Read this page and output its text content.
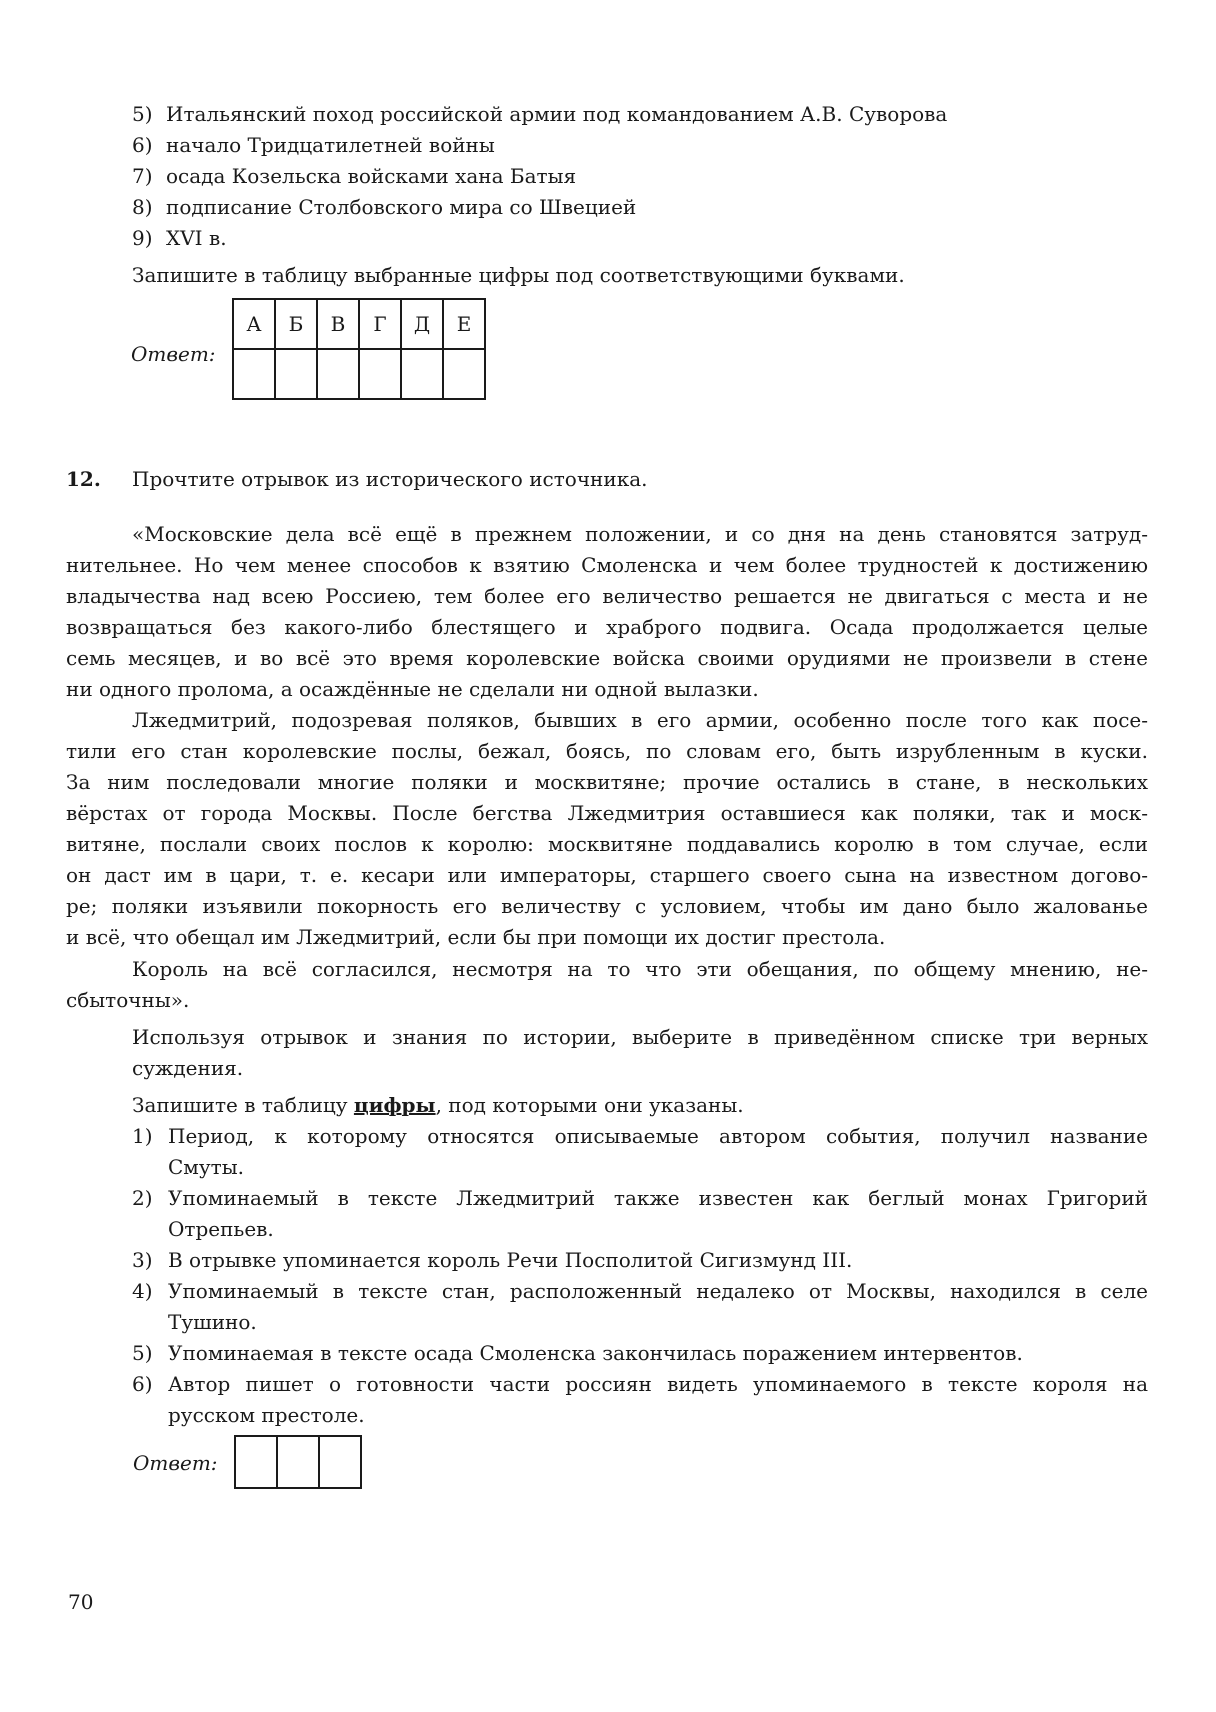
5) Итальянский поход российской армии под командованием А.В. Суворова
6) начало Тридцатилетней войны
7) осада Козельска войсками хана Батыя
8) подписание Столбовского мира со Швецией
9) XVI в.
Запишите в таблицу выбранные цифры под соответствующими буквами.
Ответ:
А	Б	В	Г	Д	Е

12. Прочтите отрывок из исторического источника.
«Московские дела всё ещё в прежнем положении, и со дня на день становятся затруд-
нительнее. Но чем менее способов к взятию Смоленска и чем более трудностей к достижению
владычества над всею Россиею, тем более его величество решается не двигаться с места и не
возвращаться без какого-либо блестящего и храброго подвига. Осада продолжается целые
семь месяцев, и во всё это время королевские войска своими орудиями не произвели в стене
ни одного пролома, а осаждённые не сделали ни одной вылазки.
Лжедмитрий, подозревая поляков, бывших в его армии, особенно после того как посе-
тили его стан королевские послы, бежал, боясь, по словам его, быть изрубленным в куски.
За ним последовали многие поляки и москвитяне; прочие остались в стане, в нескольких
вёрстах от города Москвы. После бегства Лжедмитрия оставшиеся как поляки, так и моск-
витяне, послали своих послов к королю: москвитяне поддавались королю в том случае, если
он даст им в цари, т. е. кесари или императоры, старшего своего сына на известном догово-
ре; поляки изъявили покорность его величеству с условием, чтобы им дано было жалованье
и всё, что обещал им Лжедмитрий, если бы при помощи их достиг престола.
Король на всё согласился, несмотря на то что эти обещания, по общему мнению, не-
сбыточны».
Используя отрывок и знания по истории, выберите в приведённом списке три верных
суждения.
Запишите в таблицу цифры, под которыми они указаны.
1) Период, к которому относятся описываемые автором события, получил название
Смуты.
2) Упоминаемый в тексте Лжедмитрий также известен как беглый монах Григорий
Отрепьев.
3) В отрывке упоминается король Речи Посполитой Сигизмунд III.
4) Упоминаемый в тексте стан, расположенный недалеко от Москвы, находился в селе
Тушино.
5) Упоминаемая в тексте осада Смоленска закончилась поражением интервентов.
6) Автор пишет о готовности части россиян видеть упоминаемого в тексте короля на
русском престоле.
Ответ:

70
